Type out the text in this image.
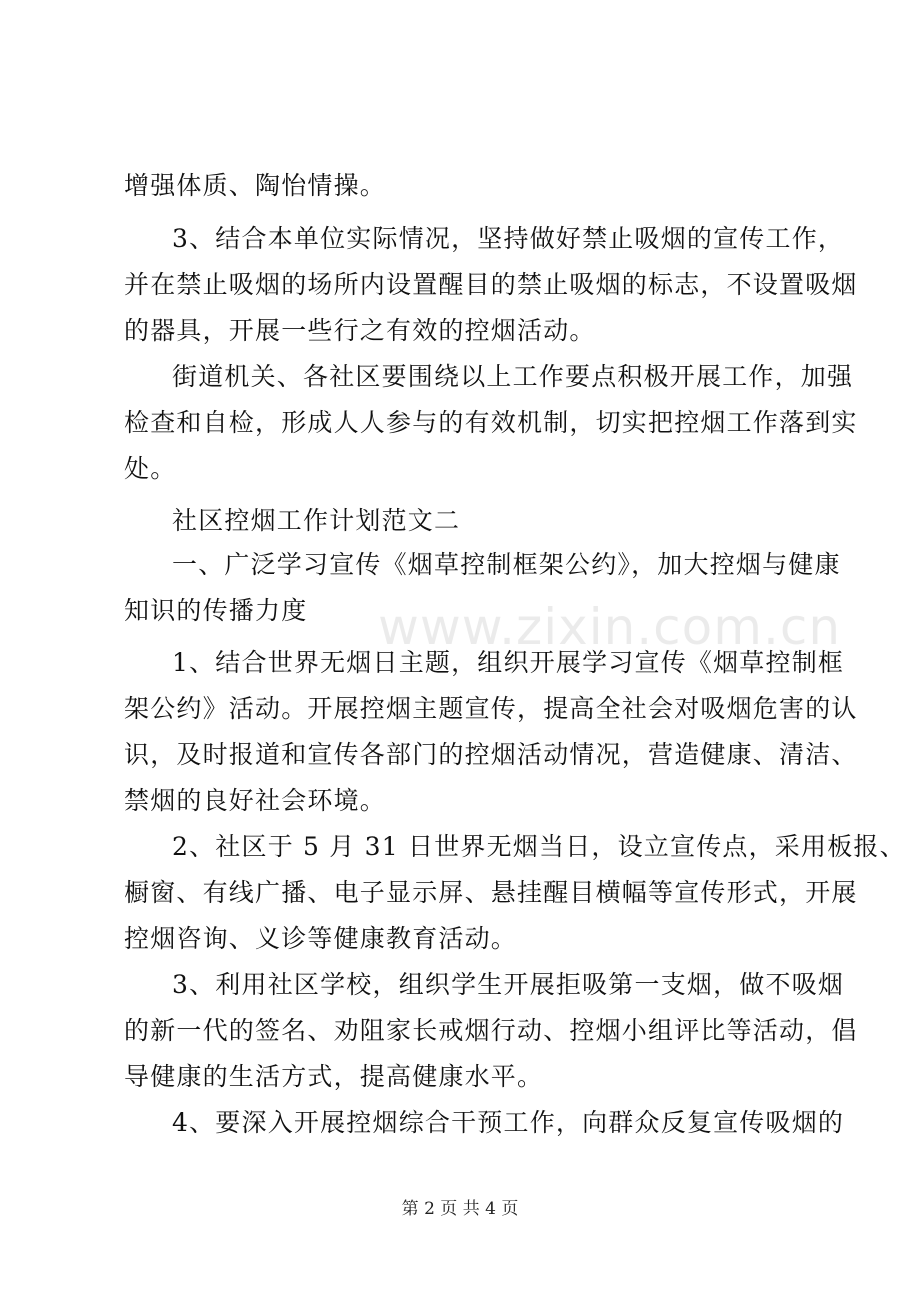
www.zixin.com.cn
增强体质、陶怡情操。
3、结合本单位实际情况，坚持做好禁止吸烟的宣传工作，
并在禁止吸烟的场所内设置醒目的禁止吸烟的标志，不设置吸烟
的器具，开展一些行之有效的控烟活动。
街道机关、各社区要围绕以上工作要点积极开展工作，加强
检查和自检，形成人人参与的有效机制，切实把控烟工作落到实
处。
社区控烟工作计划范文二
一、广泛学习宣传《烟草控制框架公约》，加大控烟与健康
知识的传播力度
1、结合世界无烟日主题，组织开展学习宣传《烟草控制框
架公约》活动。开展控烟主题宣传，提高全社会对吸烟危害的认
识，及时报道和宣传各部门的控烟活动情况，营造健康、清洁、
禁烟的良好社会环境。
2、社区于 5 月 31 日世界无烟当日，设立宣传点，采用板报、
橱窗、有线广播、电子显示屏、悬挂醒目横幅等宣传形式，开展
控烟咨询、义诊等健康教育活动。
3、利用社区学校，组织学生开展拒吸第一支烟，做不吸烟
的新一代的签名、劝阻家长戒烟行动、控烟小组评比等活动，倡
导健康的生活方式，提高健康水平。
4、要深入开展控烟综合干预工作，向群众反复宣传吸烟的
第 2 页 共 4 页
